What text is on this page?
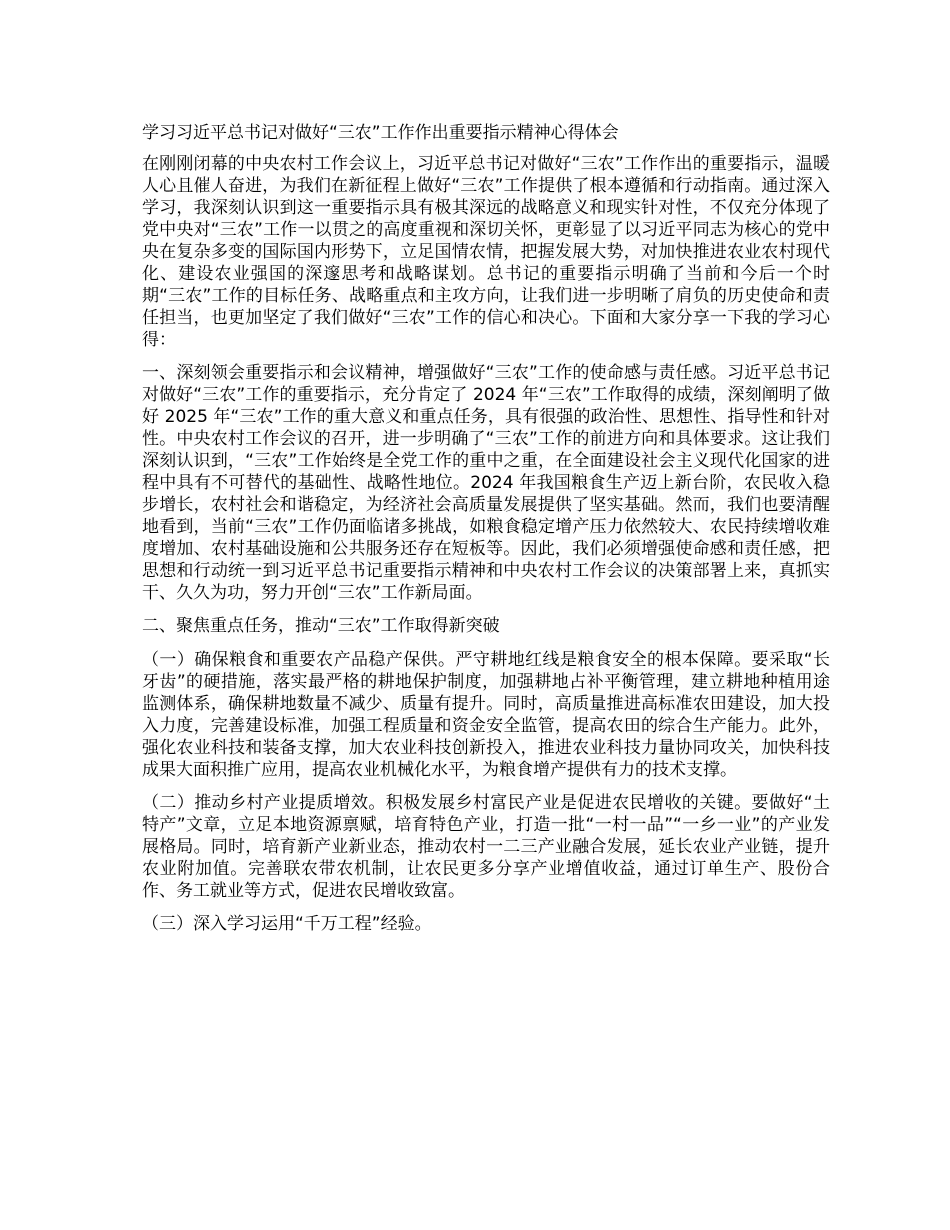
学习习近平总书记对做好“三农”工作作出重要指示精神心得体会

在刚刚闭幕的中央农村工作会议上，习近平总书记对做好“三农”工作作出的重要指示，温暖人心且催人奋进，为我们在新征程上做好“三农”工作提供了根本遵循和行动指南。通过深入学习，我深刻认识到这一重要指示具有极其深远的战略意义和现实针对性，不仅充分体现了党中央对“三农”工作一以贯之的高度重视和深切关怀，更彰显了以习近平同志为核心的党中央在复杂多变的国际国内形势下，立足国情农情，把握发展大势，对加快推进农业农村现代化、建设农业强国的深邃思考和战略谋划。总书记的重要指示明确了当前和今后一个时期“三农”工作的目标任务、战略重点和主攻方向，让我们进一步明晰了肩负的历史使命和责任担当，也更加坚定了我们做好“三农”工作的信心和决心。下面和大家分享一下我的学习心得：

一、深刻领会重要指示和会议精神，增强做好“三农”工作的使命感与责任感。习近平总书记对做好“三农”工作的重要指示，充分肯定了 2024 年“三农”工作取得的成绩，深刻阐明了做好 2025 年“三农”工作的重大意义和重点任务，具有很强的政治性、思想性、指导性和针对性。中央农村工作会议的召开，进一步明确了“三农”工作的前进方向和具体要求。这让我们深刻认识到，“三农”工作始终是全党工作的重中之重，在全面建设社会主义现代化国家的进程中具有不可替代的基础性、战略性地位。2024 年我国粮食生产迈上新台阶，农民收入稳步增长，农村社会和谐稳定，为经济社会高质量发展提供了坚实基础。然而，我们也要清醒地看到，当前“三农”工作仍面临诸多挑战，如粮食稳定增产压力依然较大、农民持续增收难度增加、农村基础设施和公共服务还存在短板等。因此，我们必须增强使命感和责任感，把思想和行动统一到习近平总书记重要指示精神和中央农村工作会议的决策部署上来，真抓实干、久久为功，努力开创“三农”工作新局面。

二、聚焦重点任务，推动“三农”工作取得新突破

（一）确保粮食和重要农产品稳产保供。严守耕地红线是粮食安全的根本保障。要采取“长牙齿”的硬措施，落实最严格的耕地保护制度，加强耕地占补平衡管理，建立耕地种植用途监测体系，确保耕地数量不减少、质量有提升。同时，高质量推进高标准农田建设，加大投入力度，完善建设标准，加强工程质量和资金安全监管，提高农田的综合生产能力。此外，强化农业科技和装备支撑，加大农业科技创新投入，推进农业科技力量协同攻关，加快科技成果大面积推广应用，提高农业机械化水平，为粮食增产提供有力的技术支撑。

（二）推动乡村产业提质增效。积极发展乡村富民产业是促进农民增收的关键。要做好“土特产”文章，立足本地资源禀赋，培育特色产业，打造一批“一村一品”“一乡一业”的产业发展格局。同时，培育新产业新业态，推动农村一二三产业融合发展，延长农业产业链，提升农业附加值。完善联农带农机制，让农民更多分享产业增值收益，通过订单生产、股份合作、务工就业等方式，促进农民增收致富。

（三）深入学习运用“千万工程”经验。
